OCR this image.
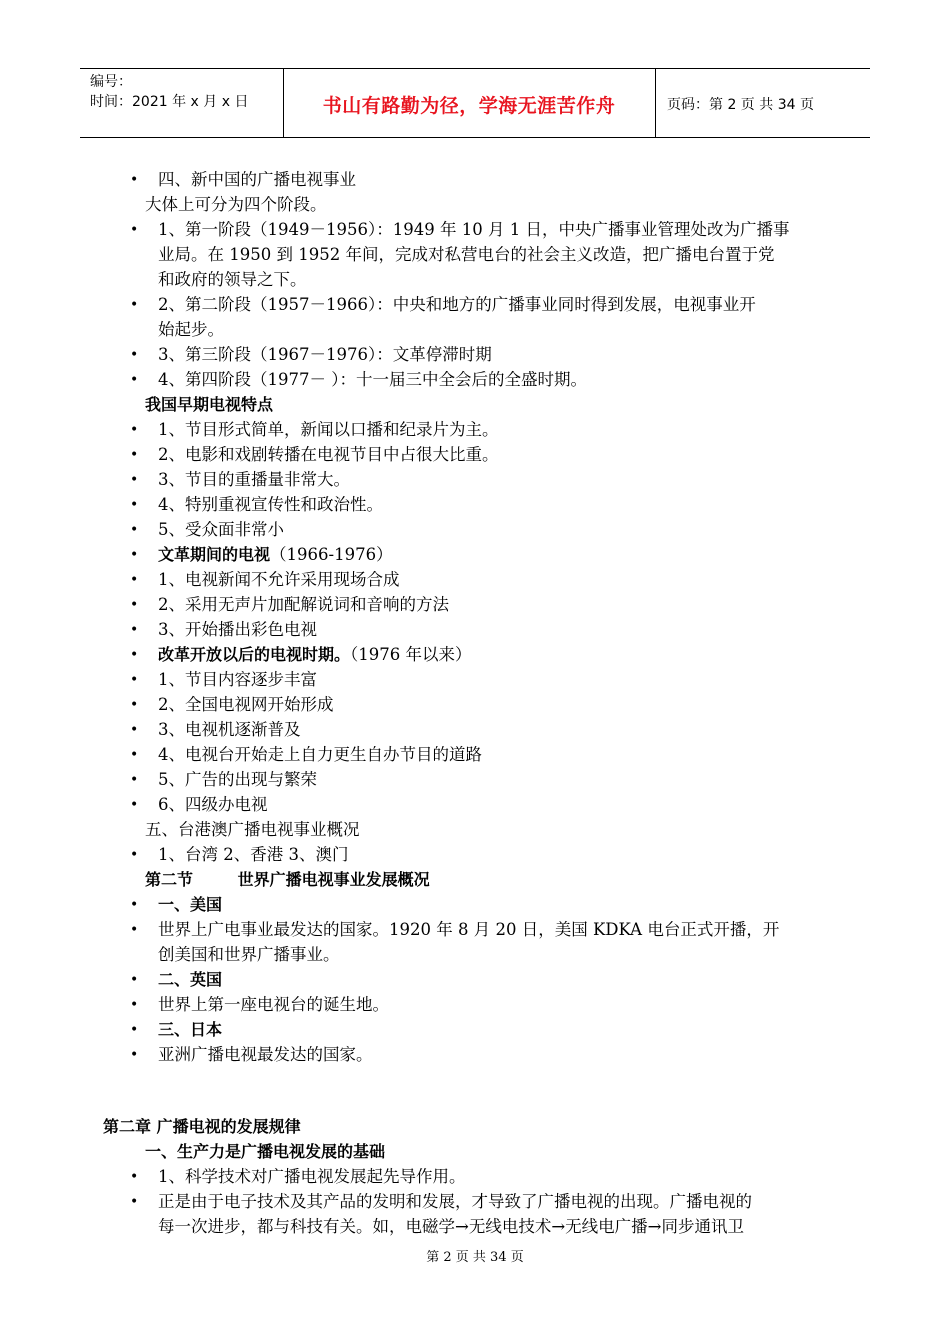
编号：
时间：2021 年 x 月 x 日	书山有路勤为径，学海无涯苦作舟	页码：第 2 页 共 34 页
• 四、新中国的广播电视事业
大体上可分为四个阶段。
• 1、第一阶段（1949－1956）：1949 年 10 月 1 日，中央广播事业管理处改为广播事
业局。在 1950 到 1952 年间，完成对私营电台的社会主义改造，把广播电台置于党
和政府的领导之下。
• 2、第二阶段（1957－1966）：中央和地方的广播事业同时得到发展，电视事业开
始起步。
• 3、第三阶段（1967－1976）：文革停滞时期
• 4、第四阶段（1977－ ）：十一届三中全会后的全盛时期。
我国早期电视特点
• 1、节目形式简单，新闻以口播和纪录片为主。
• 2、电影和戏剧转播在电视节目中占很大比重。
• 3、节目的重播量非常大。
• 4、特别重视宣传性和政治性。
• 5、受众面非常小
• 文革期间的电视（1966-1976）
• 1、电视新闻不允许采用现场合成
• 2、采用无声片加配解说词和音响的方法
• 3、开始播出彩色电视
• 改革开放以后的电视时期。（1976 年以来）
• 1、节目内容逐步丰富
• 2、全国电视网开始形成
• 3、电视机逐渐普及
• 4、电视台开始走上自力更生自办节目的道路
• 5、广告的出现与繁荣
• 6、四级办电视
五、台港澳广播电视事业概况
• 1、台湾 2、香港 3、澳门
第二节        世界广播电视事业发展概况
• 一、美国
• 世界上广电事业最发达的国家。1920 年 8 月 20 日，美国 KDKA 电台正式开播，开
创美国和世界广播事业。
• 二、英国
• 世界上第一座电视台的诞生地。
• 三、日本
• 亚洲广播电视最发达的国家。
第二章 广播电视的发展规律
一、生产力是广播电视发展的基础
• 1、科学技术对广播电视发展起先导作用。
• 正是由于电子技术及其产品的发明和发展，才导致了广播电视的出现。广播电视的
每一次进步，都与科技有关。如，电磁学→无线电技术→无线电广播→同步通讯卫
第 2 页 共 34 页
